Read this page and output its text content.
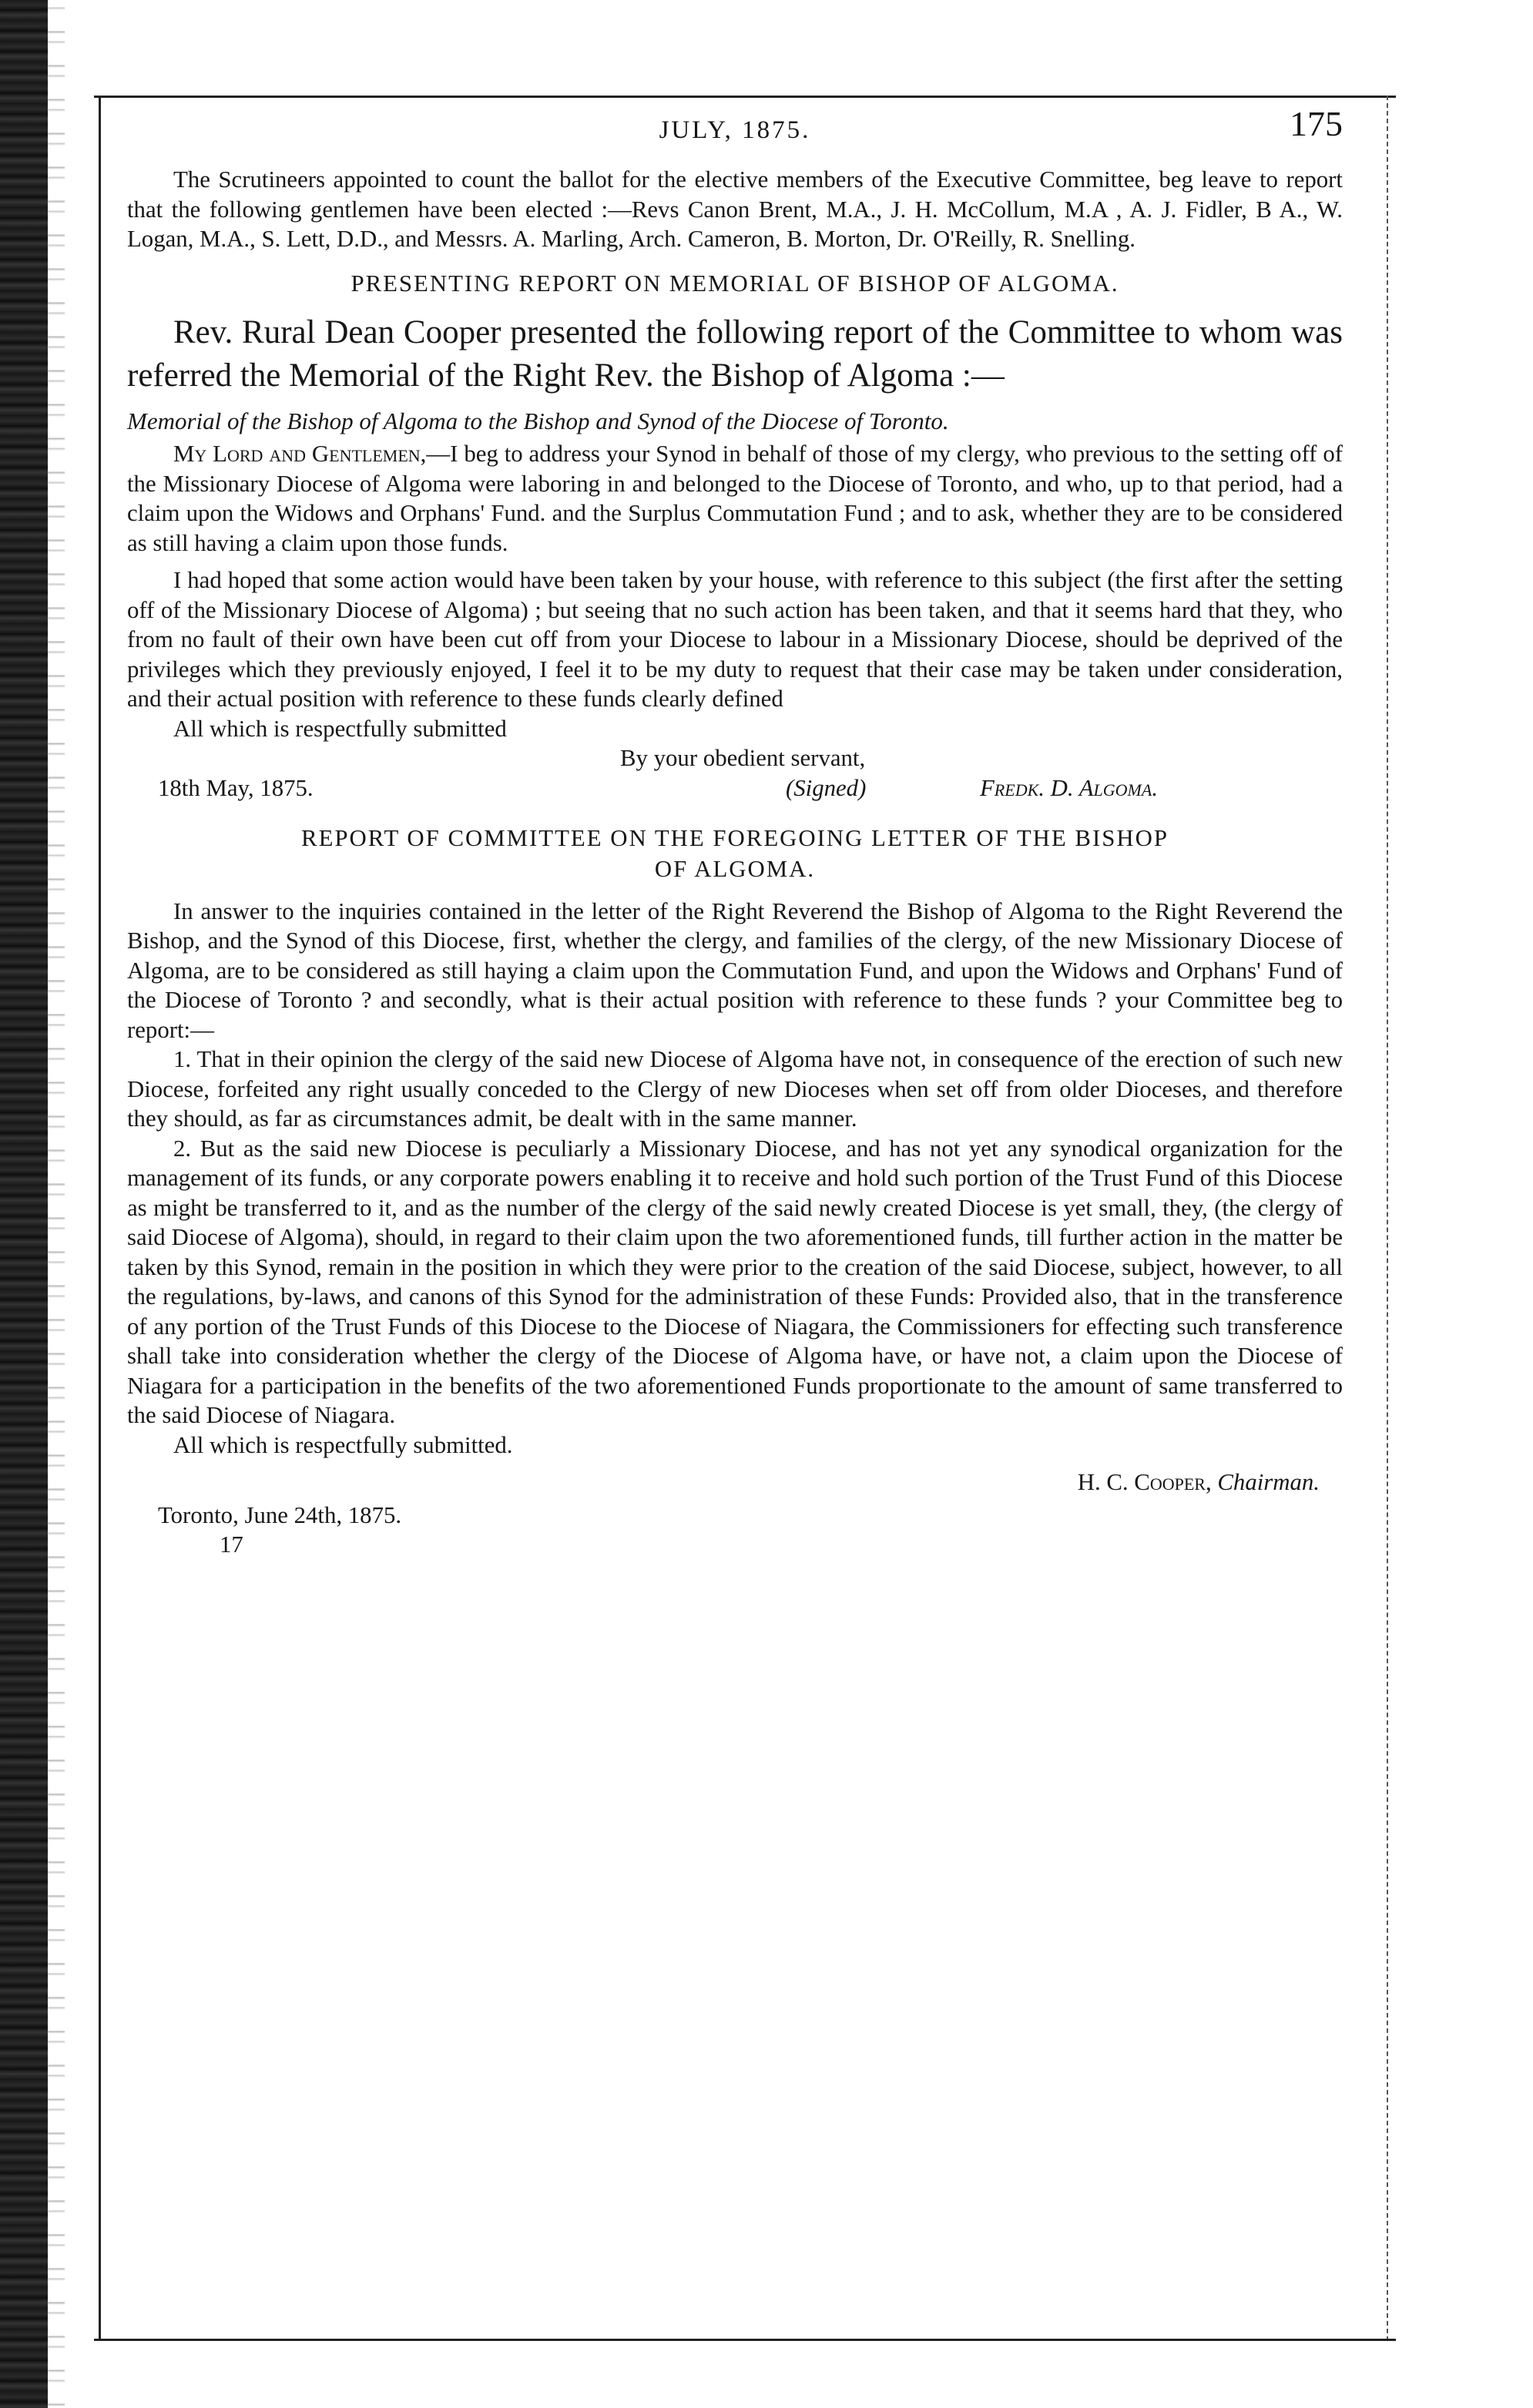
JULY, 1875.	175

The Scrutineers appointed to count the ballot for the elective members of the Executive Committee, beg leave to report that the following gentlemen have been elected :—Revs Canon Brent, M.A., J. H. McCollum, M.A , A. J. Fidler, B A., W. Logan, M.A., S. Lett, D.D., and Messrs. A. Marling, Arch. Cameron, B. Morton, Dr. O'Reilly, R. Snelling.

PRESENTING REPORT ON MEMORIAL OF BISHOP OF ALGOMA.

Rev. Rural Dean Cooper presented the following report of the Committee to whom was referred the Memorial of the Right Rev. the Bishop of Algoma :—

Memorial of the Bishop of Algoma to the Bishop and Synod of the Diocese of Toronto.

My Lord and Gentlemen,—I beg to address your Synod in behalf of those of my clergy, who previous to the setting off of the Missionary Diocese of Algoma were laboring in and belonged to the Diocese of Toronto, and who, up to that period, had a claim upon the Widows and Orphans' Fund. and the Surplus Commutation Fund ; and to ask, whether they are to be considered as still having a claim upon those funds.

I had hoped that some action would have been taken by your house, with reference to this subject (the first after the setting off of the Missionary Diocese of Algoma) ; but seeing that no such action has been taken, and that it seems hard that they, who from no fault of their own have been cut off from your Diocese to labour in a Missionary Diocese, should be deprived of the privileges which they previously enjoyed, I feel it to be my duty to request that their case may be taken under consideration, and their actual position with reference to these funds clearly defined

All which is respectfully submitted

By your obedient servant,

18th May, 1875.	(Signed)	Fredk. D. Algoma.
REPORT OF COMMITTEE ON THE FOREGOING LETTER OF THE BISHOP
OF ALGOMA.

In answer to the inquiries contained in the letter of the Right Reverend the Bishop of Algoma to the Right Reverend the Bishop, and the Synod of this Diocese, first, whether the clergy, and families of the clergy, of the new Missionary Diocese of Algoma, are to be considered as still haying a claim upon the Commutation Fund, and upon the Widows and Orphans' Fund of the Diocese of Toronto ? and secondly, what is their actual position with reference to these funds ? your Committee beg to report:—

1. That in their opinion the clergy of the said new Diocese of Algoma have not, in consequence of the erection of such new Diocese, forfeited any right usually conceded to the Clergy of new Dioceses when set off from older Dioceses, and therefore they should, as far as circumstances admit, be dealt with in the same manner.

2. But as the said new Diocese is peculiarly a Missionary Diocese, and has not yet any synodical organization for the management of its funds, or any corporate powers enabling it to receive and hold such portion of the Trust Fund of this Diocese as might be transferred to it, and as the number of the clergy of the said newly created Diocese is yet small, they, (the clergy of said Diocese of Algoma), should, in regard to their claim upon the two aforementioned funds, till further action in the matter be taken by this Synod, remain in the position in which they were prior to the creation of the said Diocese, subject, however, to all the regulations, by-laws, and canons of this Synod for the administration of these Funds: Provided also, that in the transference of any portion of the Trust Funds of this Diocese to the Diocese of Niagara, the Commissioners for effecting such transference shall take into consideration whether the clergy of the Diocese of Algoma have, or have not, a claim upon the Diocese of Niagara for a participation in the benefits of the two aforementioned Funds proportionate to the amount of same transferred to the said Diocese of Niagara.

All which is respectfully submitted.

H. C. Cooper, Chairman.

Toronto, June 24th, 1875.

17
